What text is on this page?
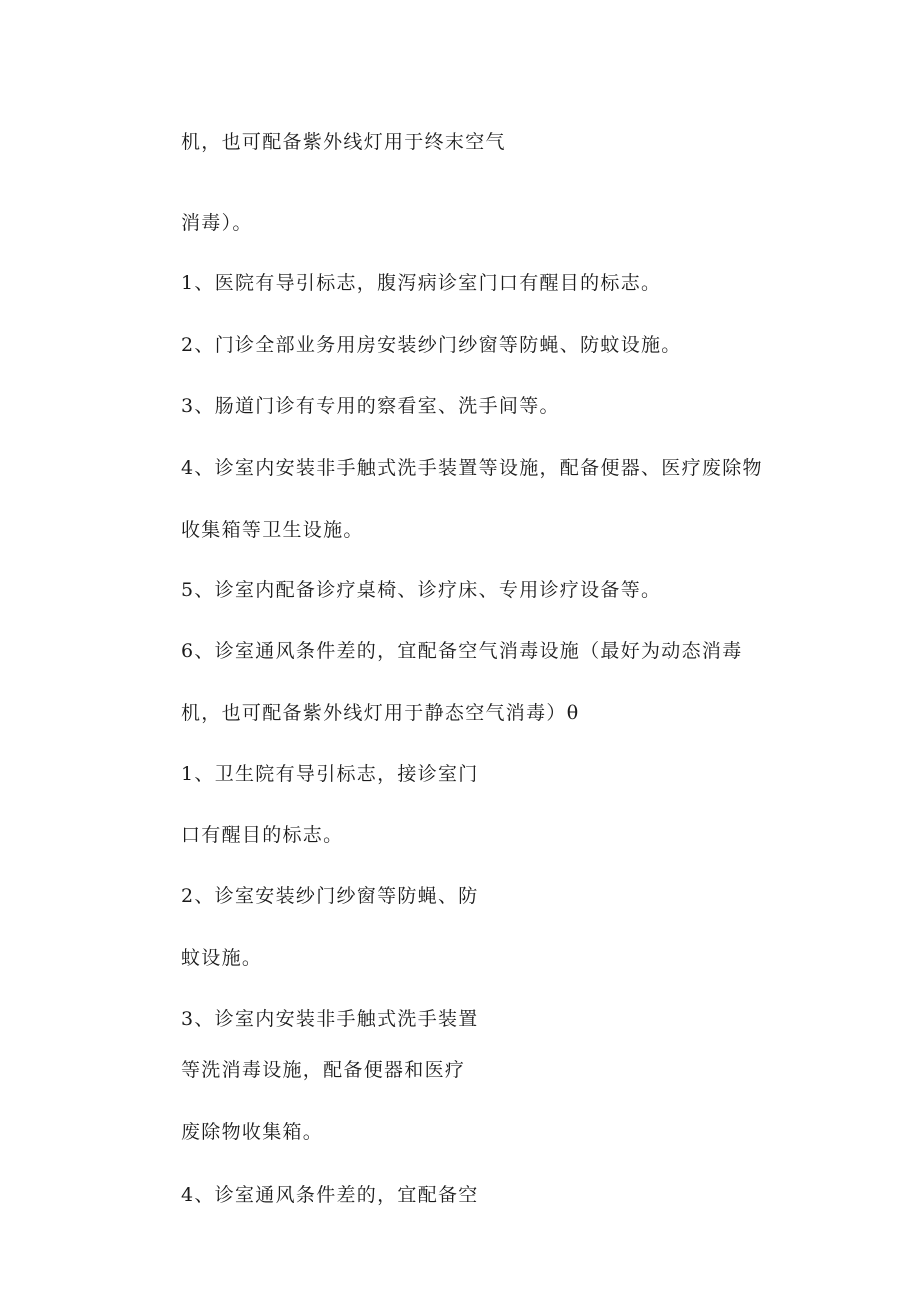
机，也可配备紫外线灯用于终末空气

消毒）。

1、医院有导引标志，腹泻病诊室门口有醒目的标志。

2、门诊全部业务用房安装纱门纱窗等防蝇、防蚊设施。

3、肠道门诊有专用的察看室、洗手间等。

4、诊室内安装非手触式洗手装置等设施，配备便器、医疗废除物

收集箱等卫生设施。

5、诊室内配备诊疗桌椅、诊疗床、专用诊疗设备等。

6、诊室通风条件差的，宜配备空气消毒设施（最好为动态消毒

机，也可配备紫外线灯用于静态空气消毒）θ

1、卫生院有导引标志，接诊室门

口有醒目的标志。

2、诊室安装纱门纱窗等防蝇、防

蚊设施。

3、诊室内安装非手触式洗手装置

等洗消毒设施，配备便器和医疗

废除物收集箱。

4、诊室通风条件差的，宜配备空
